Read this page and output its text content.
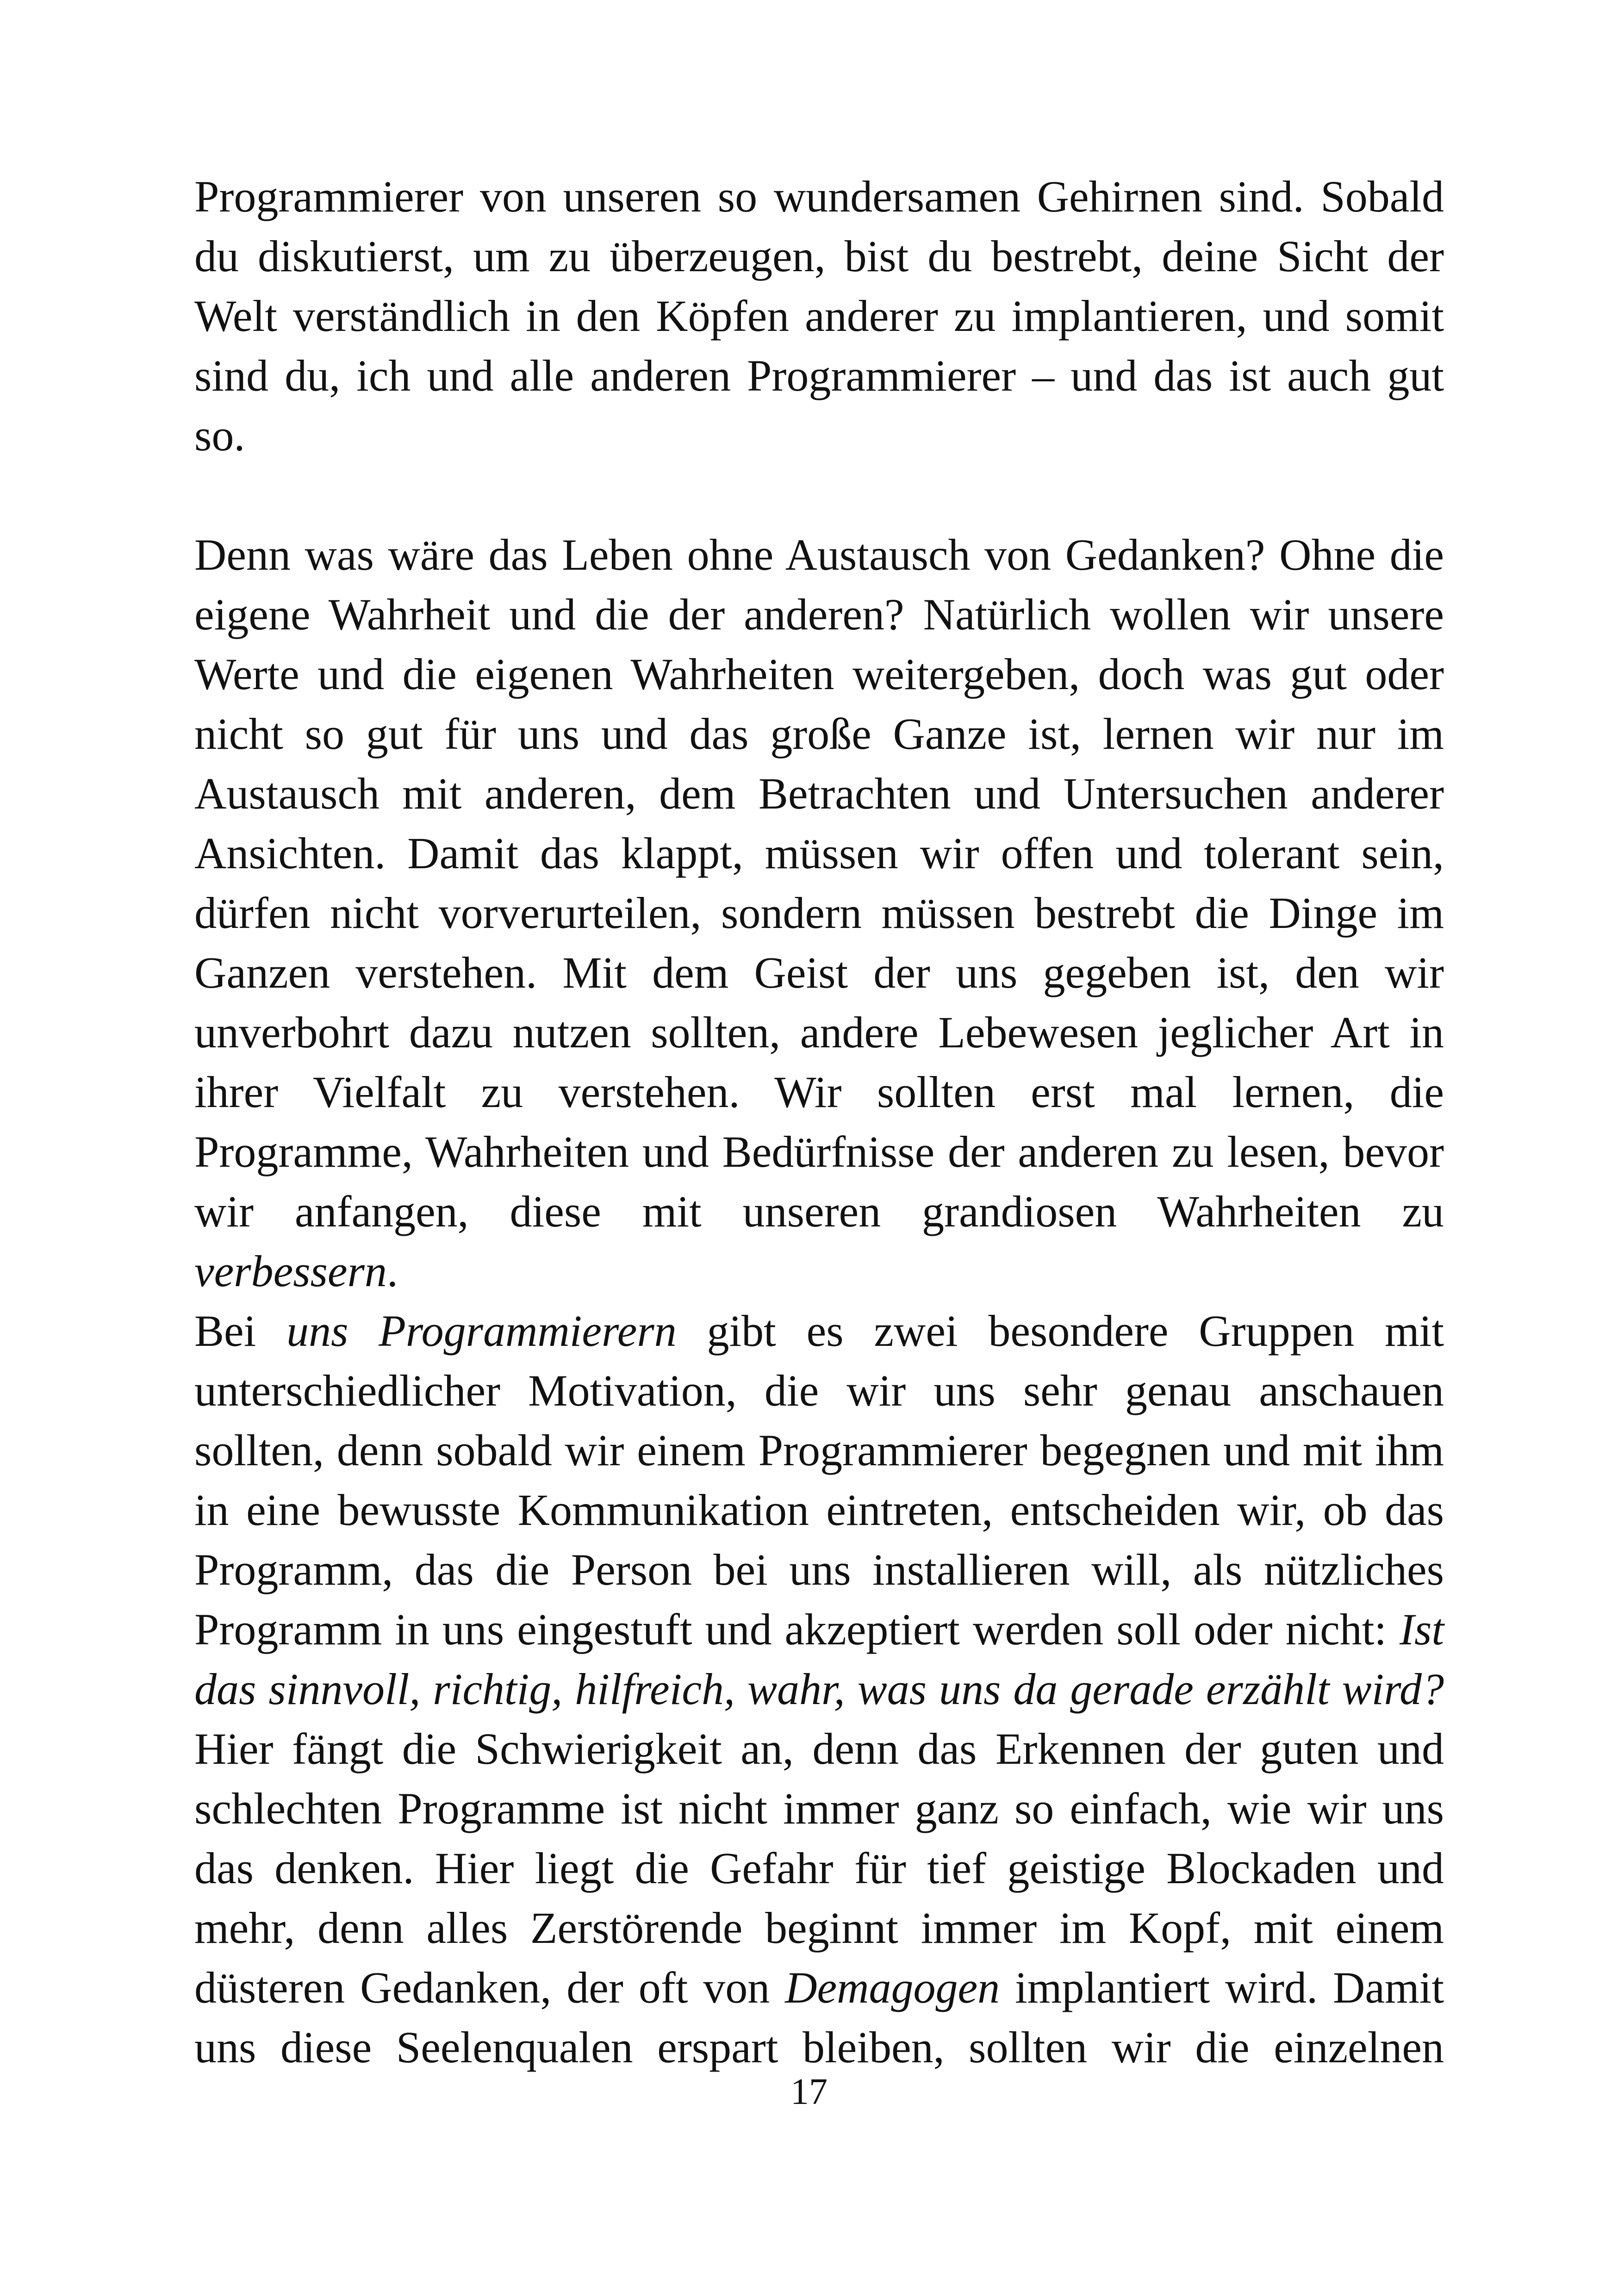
Programmierer von unseren so wundersamen Gehirnen sind. Sobald du diskutierst, um zu überzeugen, bist du bestrebt, deine Sicht der Welt verständlich in den Köpfen anderer zu implantieren, und somit sind du, ich und alle anderen Programmierer – und das ist auch gut so.

Denn was wäre das Leben ohne Austausch von Gedanken? Ohne die eigene Wahrheit und die der anderen? Natürlich wollen wir unsere Werte und die eigenen Wahrheiten weitergeben, doch was gut oder nicht so gut für uns und das große Ganze ist, lernen wir nur im Austausch mit anderen, dem Betrachten und Untersuchen anderer Ansichten. Damit das klappt, müssen wir offen und tolerant sein, dürfen nicht vorverurteilen, sondern müssen bestrebt die Dinge im Ganzen verstehen. Mit dem Geist der uns gegeben ist, den wir unverbohrt dazu nutzen sollten, andere Lebewesen jeglicher Art in ihrer Vielfalt zu verstehen. Wir sollten erst mal lernen, die Programme, Wahrheiten und Bedürfnisse der anderen zu lesen, bevor wir anfangen, diese mit unseren grandiosen Wahrheiten zu verbessern.

Bei uns Programmierern gibt es zwei besondere Gruppen mit unterschiedlicher Motivation, die wir uns sehr genau anschauen sollten, denn sobald wir einem Programmierer begegnen und mit ihm in eine bewusste Kommunikation eintreten, entscheiden wir, ob das Programm, das die Person bei uns installieren will, als nützliches Programm in uns eingestuft und akzeptiert werden soll oder nicht: Ist das sinnvoll, richtig, hilfreich, wahr, was uns da gerade erzählt wird? Hier fängt die Schwierigkeit an, denn das Erkennen der guten und schlechten Programme ist nicht immer ganz so einfach, wie wir uns das denken. Hier liegt die Gefahr für tief geistige Blockaden und mehr, denn alles Zerstörende beginnt immer im Kopf, mit einem düsteren Gedanken, der oft von Demagogen implantiert wird. Damit uns diese Seelenqualen erspart bleiben, sollten wir die einzelnen

17
